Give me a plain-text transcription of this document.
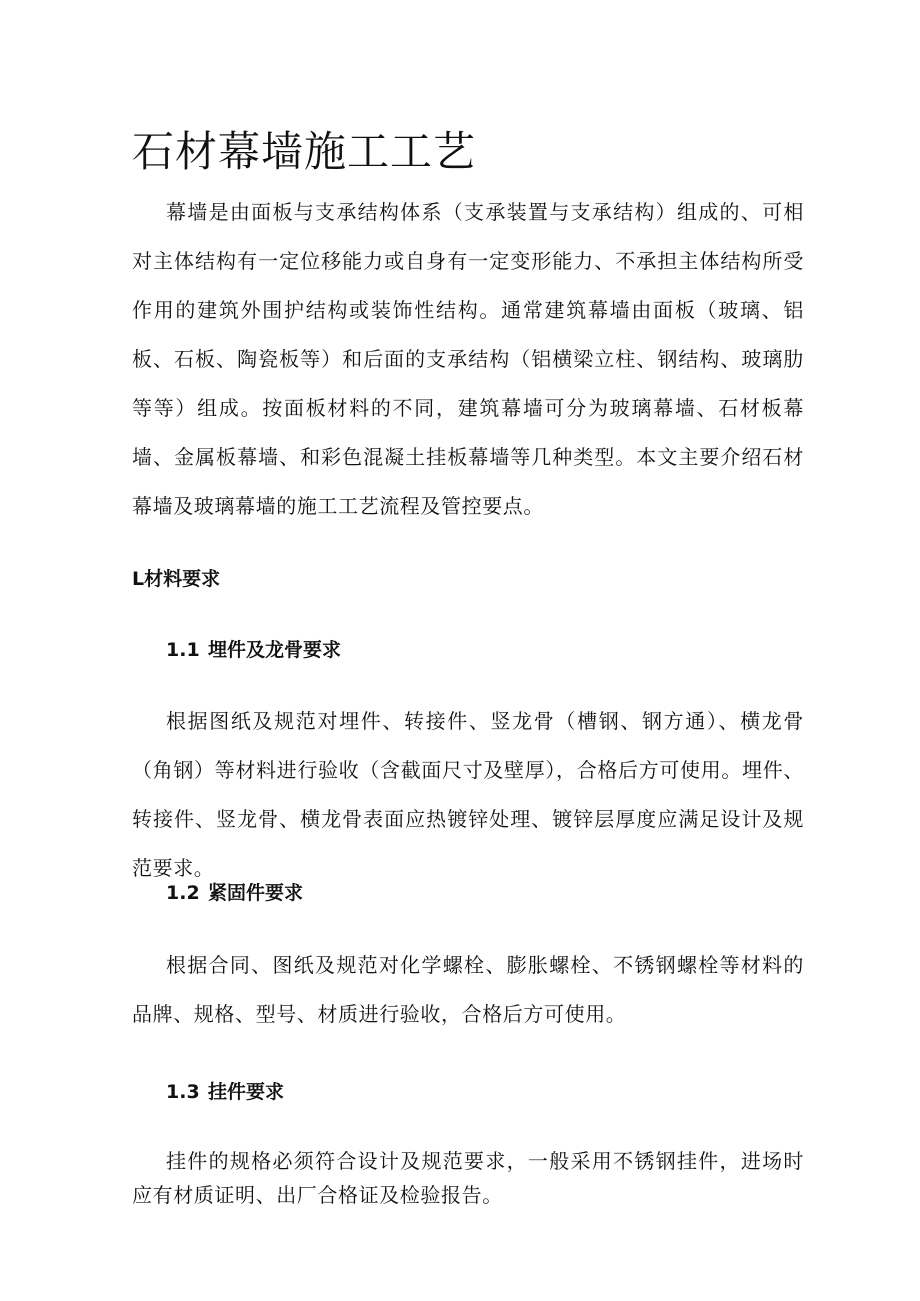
石材幕墙施工工艺

幕墙是由面板与支承结构体系（支承装置与支承结构）组成的、可相对主体结构有一定位移能力或自身有一定变形能力、不承担主体结构所受作用的建筑外围护结构或装饰性结构。通常建筑幕墙由面板（玻璃、铝板、石板、陶瓷板等）和后面的支承结构（铝横梁立柱、钢结构、玻璃肋等等）组成。按面板材料的不同，建筑幕墙可分为玻璃幕墙、石材板幕墙、金属板幕墙、和彩色混凝土挂板幕墙等几种类型。本文主要介绍石材幕墙及玻璃幕墙的施工工艺流程及管控要点。

L材料要求
1.1 埋件及龙骨要求

根据图纸及规范对埋件、转接件、竖龙骨（槽钢、钢方通）、横龙骨（角钢）等材料进行验收（含截面尺寸及壁厚），合格后方可使用。埋件、转接件、竖龙骨、横龙骨表面应热镀锌处理、镀锌层厚度应满足设计及规范要求。

1.2 紧固件要求

根据合同、图纸及规范对化学螺栓、膨胀螺栓、不锈钢螺栓等材料的品牌、规格、型号、材质进行验收，合格后方可使用。

1.3 挂件要求

挂件的规格必须符合设计及规范要求，一般采用不锈钢挂件，进场时应有材质证明、出厂合格证及检验报告。
